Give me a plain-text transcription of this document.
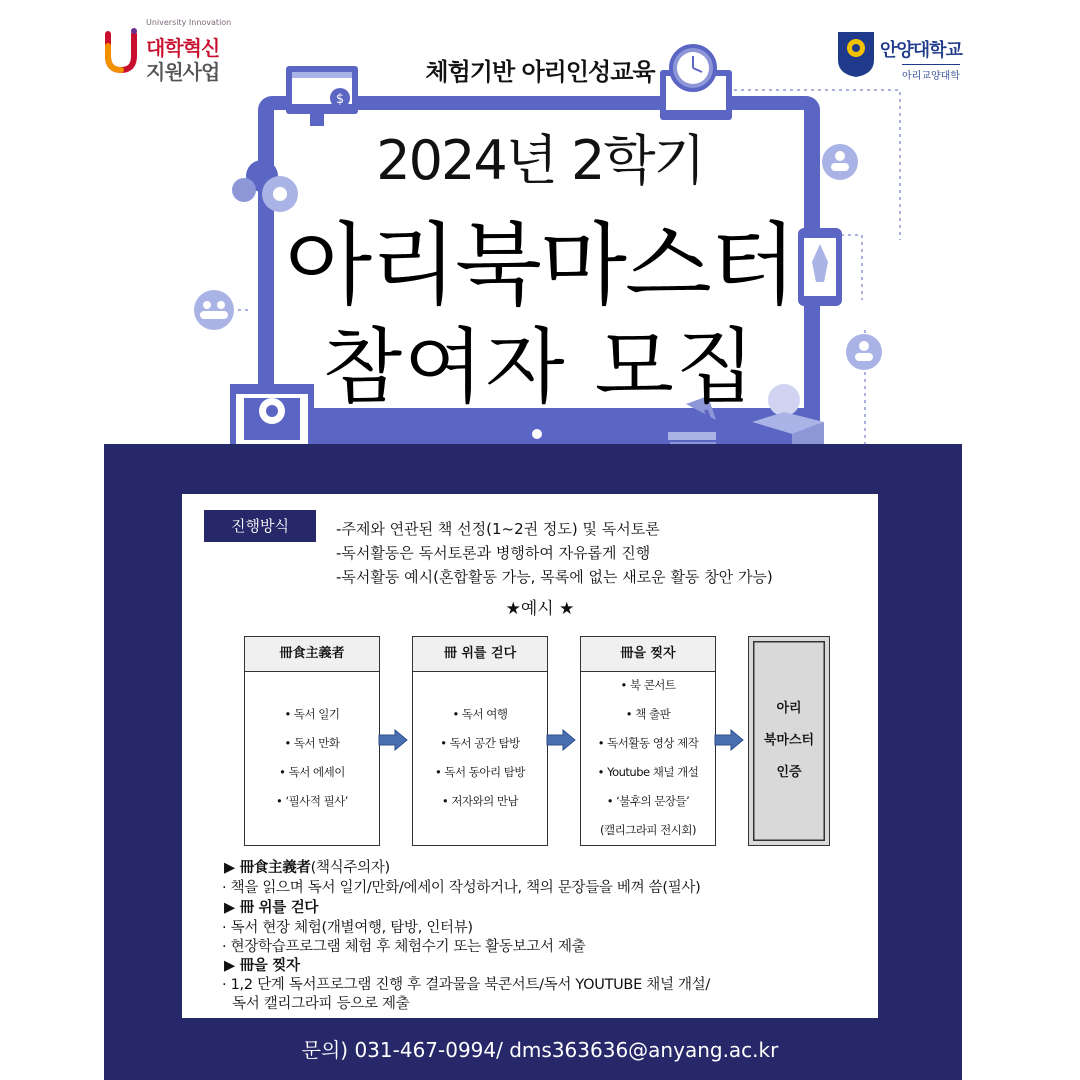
$
University Innovation
대학혁신
지원사업
안양대학교
아리교양대학
체험기반 아리인성교육
2024년 2학기
아리북마스터
참여자 모집
진행방식	-주제와 연관된 책 선정(1~2권 정도) 및 독서토론
-독서활동은 독서토론과 병행하여 자유롭게 진행
-독서활동 예시(혼합활동 가능, 목록에 없는 새로운 활동 창안 가능)
★예시 ★
冊食主義者
• 독서 일기
• 독서 만화
• 독서 에세이
• ‘필사적 필사’
冊 위를 걷다
• 독서 여행
• 독서 공간 탐방
• 독서 동아리 탐방
• 저자와의 만남
冊을 찢자
• 북 콘서트
• 책 출판
• 독서활동 영상 제작
• Youtube 채널 개설
• ‘불후의 문장들’
(캘리그라피 전시회)
아리
북마스터
인증
▶ 冊食主義者(책식주의자)
· 책을 읽으며 독서 일기/만화/에세이 작성하거나, 책의 문장들을 베껴 씀(필사)
▶ 冊 위를 걷다
· 독서 현장 체험(개별여행, 탐방, 인터뷰)
· 현장학습프로그램 체험 후 체험수기 또는 활동보고서 제출
▶ 冊을 찢자
· 1,2 단계 독서프로그램 진행 후 결과물을 북콘서트/독서 YOUTUBE 채널 개설/
독서 캘리그라피 등으로 제출
문의) 031-467-0994/ dms363636@anyang.ac.kr
